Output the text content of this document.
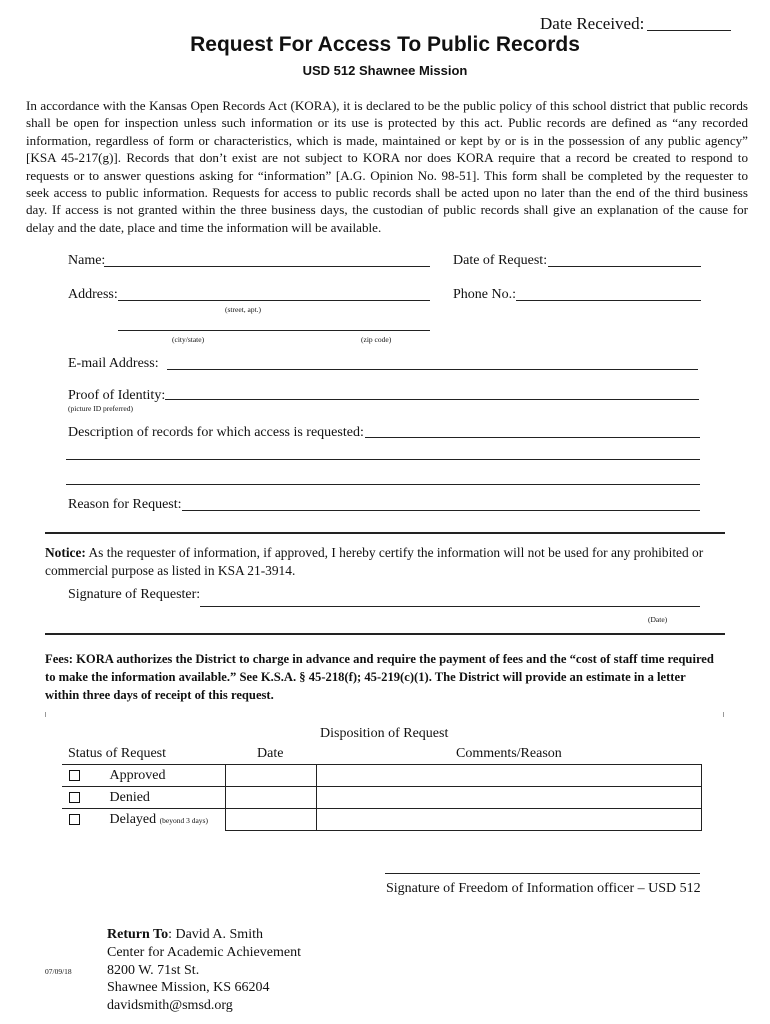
Date Received:
Request For Access To Public Records
USD 512 Shawnee Mission
In accordance with the Kansas Open Records Act (KORA), it is declared to be the public policy of this school district that public records shall be open for inspection unless such information or its use is protected by this act. Public records are defined as “any recorded information, regardless of form or characteristics, which is made, maintained or kept by or is in the possession of any public agency” [KSA 45-217(g)]. Records that don’t exist are not subject to KORA nor does KORA require that a record be created to respond to requests or to answer questions asking for “information” [A.G. Opinion No. 98-51]. This form shall be completed by the requester to seek access to public information. Requests for access to public records shall be acted upon no later than the end of the third business day. If access is not granted within the three business days, the custodian of public records shall give an explanation of the cause for delay and the date, place and time the information will be available.
Name:	Date of Request:
Address:	Phone No.:
(street, apt.)
(city/state)	(zip code)
E-mail Address:
Proof of Identity:
(picture ID preferred)
Description of records for which access is requested:
Reason for Request:
Notice: As the requester of information, if approved, I hereby certify the information will not be used for any prohibited or commercial purpose as listed in KSA 21-3914.
Signature of Requester:
(Date)
Fees: KORA authorizes the District to charge in advance and require the payment of fees and the “cost of staff time required to make the information available.” See K.S.A. § 45-218(f); 45-219(c)(1). The District will provide an estimate in a letter within three days of receipt of this request.
Disposition of Request
Status of Request	Date	Comments/Reason
Approved		
Denied		
Delayed (beyond 3 days)		
Signature of Freedom of Information officer – USD 512
Return To: David A. Smith
Center for Academic Achievement
8200 W. 71st St.
Shawnee Mission, KS 66204
davidsmith@smsd.org
07/09/18
